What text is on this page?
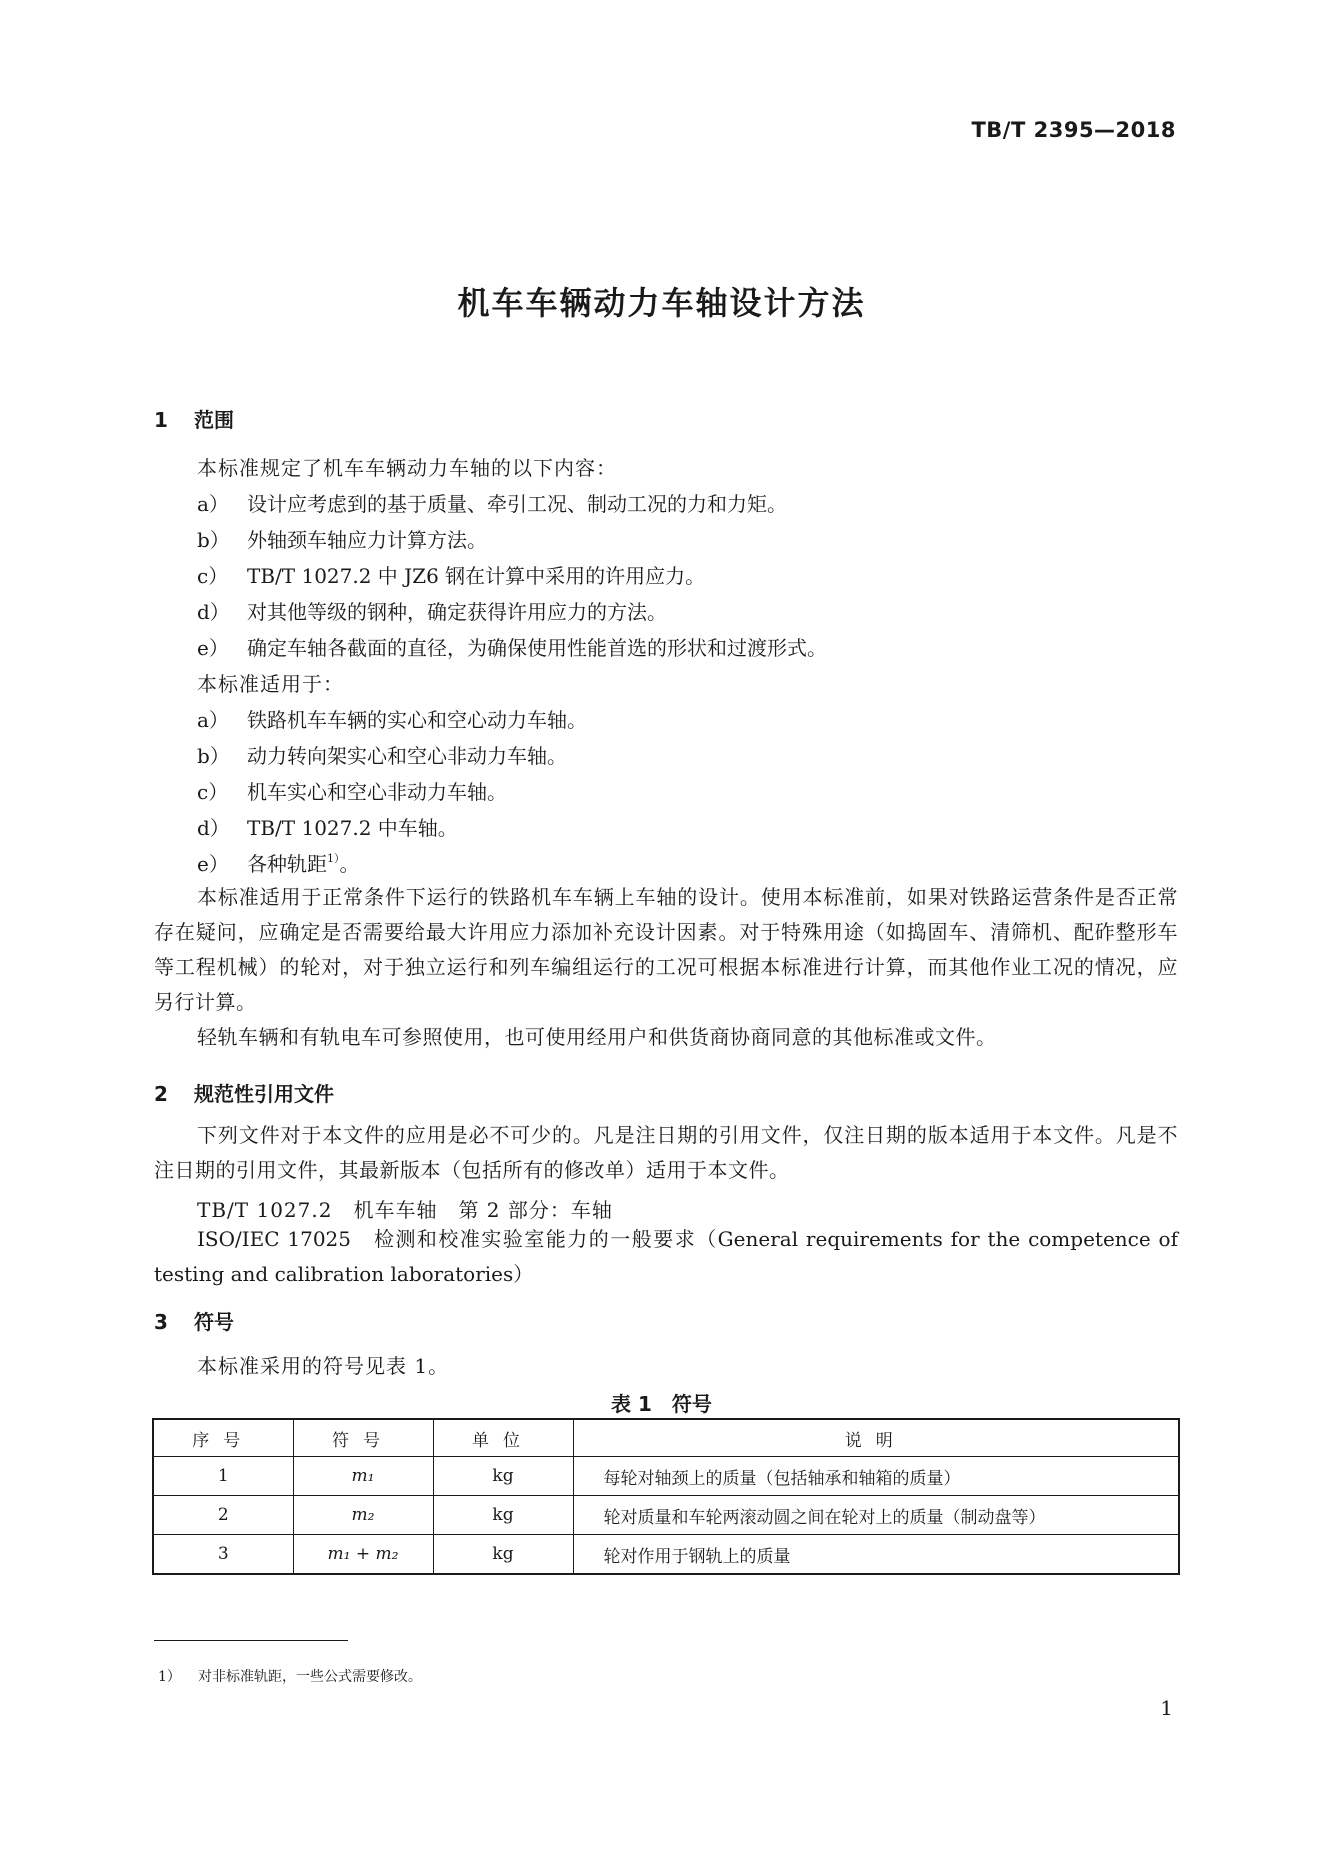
TB/T 2395—2018
机车车辆动力车轴设计方法
1 范围
本标准规定了机车车辆动力车轴的以下内容：
a） 设计应考虑到的基于质量、牵引工况、制动工况的力和力矩。
b） 外轴颈车轴应力计算方法。
c） TB/T 1027.2 中 JZ6 钢在计算中采用的许用应力。
d） 对其他等级的钢种，确定获得许用应力的方法。
e） 确定车轴各截面的直径，为确保使用性能首选的形状和过渡形式。
本标准适用于：
a） 铁路机车车辆的实心和空心动力车轴。
b） 动力转向架实心和空心非动力车轴。
c） 机车实心和空心非动力车轴。
d） TB/T 1027.2 中车轴。
e） 各种轨距$^{1)}$。
本标准适用于正常条件下运行的铁路机车车辆上车轴的设计。使用本标准前，如果对铁路运营条件是否正常存在疑问，应确定是否需要给最大许用应力添加补充设计因素。对于特殊用途（如捣固车、清筛机、配砟整形车等工程机械）的轮对，对于独立运行和列车编组运行的工况可根据本标准进行计算，而其他作业工况的情况，应另行计算。
轻轨车辆和有轨电车可参照使用，也可使用经用户和供货商协商同意的其他标准或文件。
2 规范性引用文件
下列文件对于本文件的应用是必不可少的。凡是注日期的引用文件，仅注日期的版本适用于本文件。凡是不注日期的引用文件，其最新版本（包括所有的修改单）适用于本文件。
TB/T 1027.2　机车车轴　第 2 部分：车轴
ISO/IEC 17025　检测和校准实验室能力的一般要求（General requirements for the competence of testing and calibration laboratories）
3 符号
本标准采用的符号见表 1。
表 1　符号
序号	符号	单位	说明
1	m₁	kg	每轮对轴颈上的质量（包括轴承和轴箱的质量）
2	m₂	kg	轮对质量和车轮两滚动圆之间在轮对上的质量（制动盘等）
3	m₁ + m₂	kg	轮对作用于钢轨上的质量
1） 对非标准轨距，一些公式需要修改。
1
